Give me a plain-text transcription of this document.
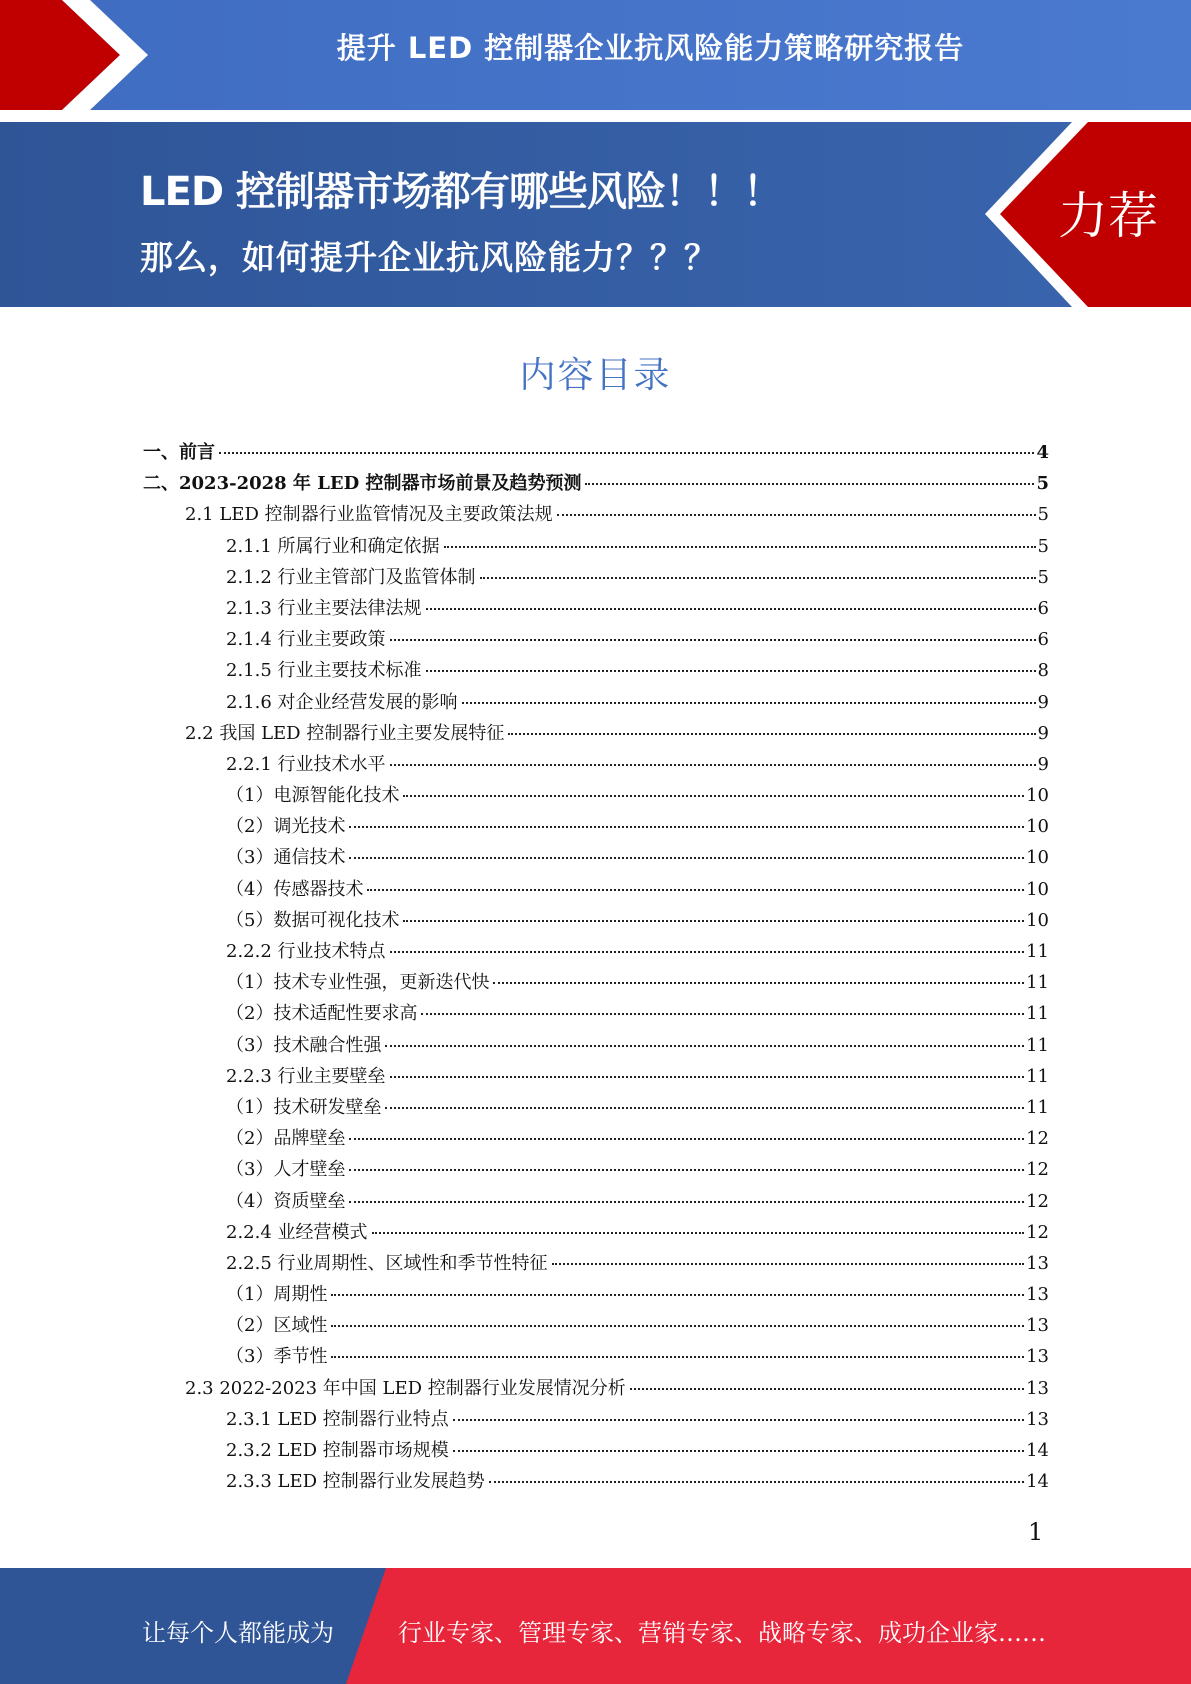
提升 LED 控制器企业抗风险能力策略研究报告
LED 控制器市场都有哪些风险！！！
那么，如何提升企业抗风险能力？？？
力荐
内容目录
一、前言	4
二、2023-2028 年 LED 控制器市场前景及趋势预测	5
2.1 LED 控制器行业监管情况及主要政策法规	5
2.1.1 所属行业和确定依据	5
2.1.2 行业主管部门及监管体制	5
2.1.3 行业主要法律法规	6
2.1.4 行业主要政策	6
2.1.5 行业主要技术标准	8
2.1.6 对企业经营发展的影响	9
2.2 我国 LED 控制器行业主要发展特征	9
2.2.1 行业技术水平	9
（1）电源智能化技术	10
（2）调光技术	10
（3）通信技术	10
（4）传感器技术	10
（5）数据可视化技术	10
2.2.2 行业技术特点	11
（1）技术专业性强，更新迭代快	11
（2）技术适配性要求高	11
（3）技术融合性强	11
2.2.3 行业主要壁垒	11
（1）技术研发壁垒	11
（2）品牌壁垒	12
（3）人才壁垒	12
（4）资质壁垒	12
2.2.4 业经营模式	12
2.2.5 行业周期性、区域性和季节性特征	13
（1）周期性	13
（2）区域性	13
（3）季节性	13
2.3 2022-2023 年中国 LED 控制器行业发展情况分析	13
2.3.1 LED 控制器行业特点	13
2.3.2 LED 控制器市场规模	14
2.3.3 LED 控制器行业发展趋势	14
1
让每个人都能成为	行业专家、管理专家、营销专家、战略专家、成功企业家……
